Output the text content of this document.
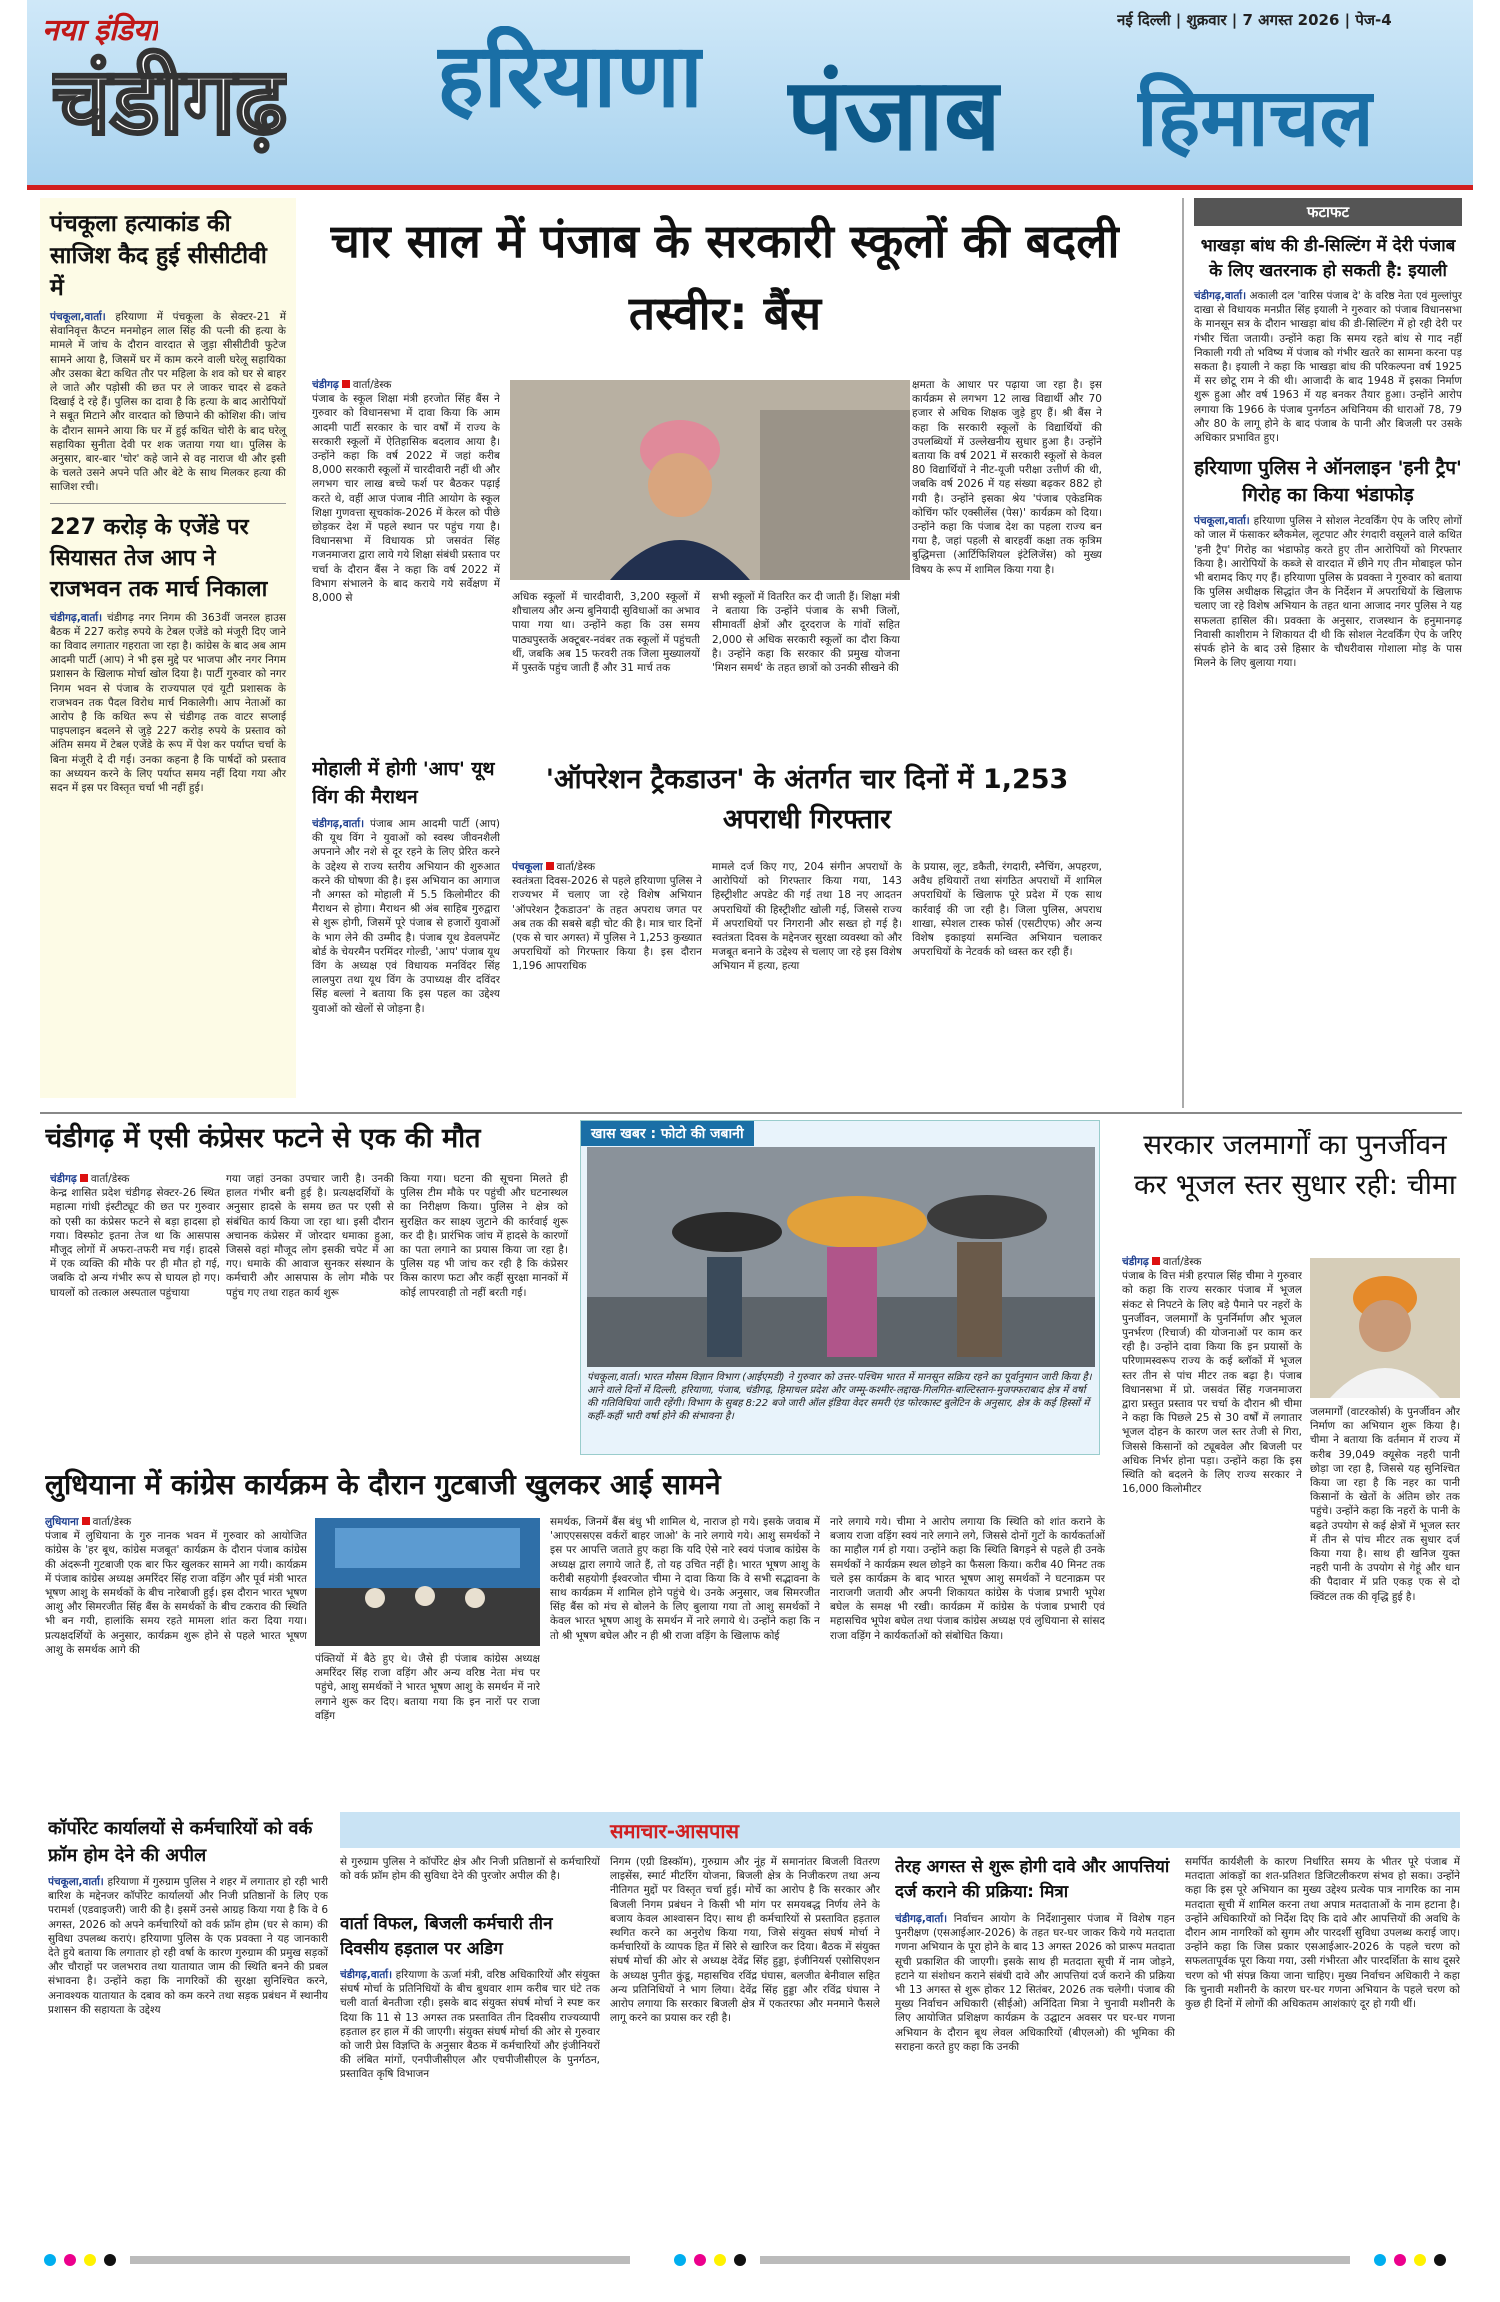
नया इंडिया
चंडीगढ़
नई दिल्ली | शुक्रवार | 7 अगस्त 2026 | पेज-4
हरियाणा पंजाब हिमाचल
पंचकूला हत्याकांड की साजिश कैद हुई सीसीटीवी में
पंचकूला,वार्ता। हरियाणा में पंचकूला के सेक्टर-21 में सेवानिवृत्त कैप्टन मनमोहन लाल सिंह की पत्नी की हत्या के मामले में जांच के दौरान वारदात से जुड़ा सीसीटीवी फुटेज सामने आया है, जिसमें घर में काम करने वाली घरेलू सहायिका और उसका बेटा कथित तौर पर महिला के शव को घर से बाहर ले जाते और पड़ोसी की छत पर ले जाकर चादर से ढकते दिखाई दे रहे हैं। पुलिस का दावा है कि हत्या के बाद आरोपियों ने सबूत मिटाने और वारदात को छिपाने की कोशिश की। जांच के दौरान सामने आया कि घर में हुई कथित चोरी के बाद घरेलू सहायिका सुनीता देवी पर शक जताया गया था। पुलिस के अनुसार, बार-बार 'चोर' कहे जाने से वह नाराज थी और इसी के चलते उसने अपने पति और बेटे के साथ मिलकर हत्या की साजिश रची।
227 करोड़ के एजेंडे पर सियासत तेज आप ने राजभवन तक मार्च निकाला
चंडीगढ़,वार्ता। चंडीगढ़ नगर निगम की 363वीं जनरल हाउस बैठक में 227 करोड़ रुपये के टेबल एजेंडे को मंजूरी दिए जाने का विवाद लगातार गहराता जा रहा है। कांग्रेस के बाद अब आम आदमी पार्टी (आप) ने भी इस मुद्दे पर भाजपा और नगर निगम प्रशासन के खिलाफ मोर्चा खोल दिया है। पार्टी गुरुवार को नगर निगम भवन से पंजाब के राज्यपाल एवं यूटी प्रशासक के राजभवन तक पैदल विरोध मार्च निकालेगी। आप नेताओं का आरोप है कि कथित रूप से चंडीगढ़ तक वाटर सप्लाई पाइपलाइन बदलने से जुड़े 227 करोड़ रुपये के प्रस्ताव को अंतिम समय में टेबल एजेंडे के रूप में पेश कर पर्याप्त चर्चा के बिना मंजूरी दे दी गई। उनका कहना है कि पार्षदों को प्रस्ताव का अध्ययन करने के लिए पर्याप्त समय नहीं दिया गया और सदन में इस पर विस्तृत चर्चा भी नहीं हुई।
चार साल में पंजाब के सरकारी स्कूलों की बदली तस्वीर: बैंस
चंडीगढ़ वार्ता/डेस्क
पंजाब के स्कूल शिक्षा मंत्री हरजोत सिंह बैंस ने गुरुवार को विधानसभा में दावा किया कि आम आदमी पार्टी सरकार के चार वर्षों में राज्य के सरकारी स्कूलों में ऐतिहासिक बदलाव आया है। उन्होंने कहा कि वर्ष 2022 में जहां करीब 8,000 सरकारी स्कूलों में चारदीवारी नहीं थी और लगभग चार लाख बच्चे फर्श पर बैठकर पढ़ाई करते थे, वहीं आज पंजाब नीति आयोग के स्कूल शिक्षा गुणवत्ता सूचकांक-2026 में केरल को पीछे छोड़कर देश में पहले स्थान पर पहुंच गया है। विधानसभा में विधायक प्रो जसवंत सिंह गजनमाजरा द्वारा लाये गये शिक्षा संबंधी प्रस्ताव पर चर्चा के दौरान बैंस ने कहा कि वर्ष 2022 में विभाग संभालने के बाद कराये गये सर्वेक्षण में 8,000 से	अधिक स्कूलों में चारदीवारी, 3,200 स्कूलों में शौचालय और अन्य बुनियादी सुविधाओं का अभाव पाया गया था। उन्होंने कहा कि उस समय पाठ्यपुस्तकें अक्टूबर-नवंबर तक स्कूलों में पहुंचती थीं, जबकि अब 15 फरवरी तक जिला मुख्यालयों में पुस्तकें पहुंच जाती हैं और 31 मार्च तक
सभी स्कूलों में वितरित कर दी जाती हैं। शिक्षा मंत्री ने बताया कि उन्होंने पंजाब के सभी जिलों, सीमावर्ती क्षेत्रों और दूरदराज के गांवों सहित 2,000 से अधिक सरकारी स्कूलों का दौरा किया है। उन्होंने कहा कि सरकार की प्रमुख योजना 'मिशन समर्थ' के तहत छात्रों को उनकी सीखने की
क्षमता के आधार पर पढ़ाया जा रहा है। इस कार्यक्रम से लगभग 12 लाख विद्यार्थी और 70 हजार से अधिक शिक्षक जुड़े हुए हैं। श्री बैंस ने कहा कि सरकारी स्कूलों के विद्यार्थियों की उपलब्धियों में उल्लेखनीय सुधार हुआ है। उन्होंने बताया कि वर्ष 2021 में सरकारी स्कूलों से केवल 80 विद्यार्थियों ने नीट-यूजी परीक्षा उत्तीर्ण की थी, जबकि वर्ष 2026 में यह संख्या बढ़कर 882 हो गयी है। उन्होंने इसका श्रेय 'पंजाब एकेडमिक कोचिंग फॉर एक्सीलेंस (पेस)' कार्यक्रम को दिया। उन्होंने कहा कि पंजाब देश का पहला राज्य बन गया है, जहां पहली से बारहवीं कक्षा तक कृत्रिम बुद्धिमत्ता (आर्टिफिशियल इंटेलिजेंस) को मुख्य विषय के रूप में शामिल किया गया है।
मोहाली में होगी 'आप' यूथ विंग की मैराथन
चंडीगढ़,वार्ता। पंजाब आम आदमी पार्टी (आप) की यूथ विंग ने युवाओं को स्वस्थ जीवनशैली अपनाने और नशे से दूर रहने के लिए प्रेरित करने के उद्देश्य से राज्य स्तरीय अभियान की शुरुआत करने की घोषणा की है। इस अभियान का आगाज नौ अगस्त को मोहाली में 5.5 किलोमीटर की मैराथन से होगा। मैराथन श्री अंब साहिब गुरुद्वारा से शुरू होगी, जिसमें पूरे पंजाब से हजारों युवाओं के भाग लेने की उम्मीद है। पंजाब यूथ डेवलपमेंट बोर्ड के चेयरमैन परमिंदर गोल्डी, 'आप' पंजाब यूथ विंग के अध्यक्ष एवं विधायक मनविंदर सिंह लालपुरा तथा यूथ विंग के उपाध्यक्ष वीर दविंदर सिंह बल्लां ने बताया कि इस पहल का उद्देश्य युवाओं को खेलों से जोड़ना है।
'ऑपरेशन ट्रैकडाउन' के अंतर्गत चार दिनों में 1,253 अपराधी गिरफ्तार
पंचकूला वार्ता/डेस्क
स्वतंत्रता दिवस-2026 से पहले हरियाणा पुलिस ने राज्यभर में चलाए जा रहे विशेष अभियान 'ऑपरेशन ट्रैकडाउन' के तहत अपराध जगत पर अब तक की सबसे बड़ी चोट की है। मात्र चार दिनों (एक से चार अगस्त) में पुलिस ने 1,253 कुख्यात अपराधियों को गिरफ्तार किया है। इस दौरान 1,196 आपराधिक
मामले दर्ज किए गए, 204 संगीन अपराधों के आरोपियों को गिरफ्तार किया गया, 143 हिस्ट्रीशीट अपडेट की गई तथा 18 नए आदतन अपराधियों की हिस्ट्रीशीट खोली गई, जिससे राज्य में अपराधियों पर निगरानी और सख्त हो गई है। स्वतंत्रता दिवस के मद्देनजर सुरक्षा व्यवस्था को और मजबूत बनाने के उद्देश्य से चलाए जा रहे इस विशेष अभियान में हत्या, हत्या
के प्रयास, लूट, डकैती, रंगदारी, स्नैचिंग, अपहरण, अवैध हथियारों तथा संगठित अपराधों में शामिल अपराधियों के खिलाफ पूरे प्रदेश में एक साथ कार्रवाई की जा रही है। जिला पुलिस, अपराध शाखा, स्पेशल टास्क फोर्स (एसटीएफ) और अन्य विशेष इकाइयां समन्वित अभियान चलाकर अपराधियों के नेटवर्क को ध्वस्त कर रही हैं।
फटाफट
भाखड़ा बांध की डी-सिल्टिंग में देरी पंजाब के लिए खतरनाक हो सकती है: इयाली
चंडीगढ़,वार्ता। अकाली दल 'वारिस पंजाब दे' के वरिष्ठ नेता एवं मुल्लांपुर दाखा से विधायक मनप्रीत सिंह इयाली ने गुरुवार को पंजाब विधानसभा के मानसून सत्र के दौरान भाखड़ा बांध की डी-सिल्टिंग में हो रही देरी पर गंभीर चिंता जतायी। उन्होंने कहा कि समय रहते बांध से गाद नहीं निकाली गयी तो भविष्य में पंजाब को गंभीर खतरे का सामना करना पड़ सकता है। इयाली ने कहा कि भाखड़ा बांध की परिकल्पना वर्ष 1925 में सर छोटू राम ने की थी। आजादी के बाद 1948 में इसका निर्माण शुरू हुआ और वर्ष 1963 में यह बनकर तैयार हुआ। उन्होंने आरोप लगाया कि 1966 के पंजाब पुनर्गठन अधिनियम की धाराओं 78, 79 और 80 के लागू होने के बाद पंजाब के पानी और बिजली पर उसके अधिकार प्रभावित हुए।
हरियाणा पुलिस ने ऑनलाइन 'हनी ट्रैप' गिरोह का किया भंडाफोड़
पंचकूला,वार्ता। हरियाणा पुलिस ने सोशल नेटवर्किंग ऐप के जरिए लोगों को जाल में फंसाकर ब्लैकमेल, लूटपाट और रंगदारी वसूलने वाले कथित 'हनी ट्रैप' गिरोह का भंडाफोड़ करते हुए तीन आरोपियों को गिरफ्तार किया है। आरोपियों के कब्जे से वारदात में छीने गए तीन मोबाइल फोन भी बरामद किए गए हैं। हरियाणा पुलिस के प्रवक्ता ने गुरुवार को बताया कि पुलिस अधीक्षक सिद्धांत जैन के निर्देशन में अपराधियों के खिलाफ चलाए जा रहे विशेष अभियान के तहत थाना आजाद नगर पुलिस ने यह सफलता हासिल की। प्रवक्ता के अनुसार, राजस्थान के हनुमानगढ़ निवासी काशीराम ने शिकायत दी थी कि सोशल नेटवर्किंग ऐप के जरिए संपर्क होने के बाद उसे हिसार के चौधरीवास गोशाला मोड़ के पास मिलने के लिए बुलाया गया।
चंडीगढ़ में एसी कंप्रेसर फटने से एक की मौत
चंडीगढ़ वार्ता/डेस्क
केन्द्र शासित प्रदेश चंडीगढ़ सेक्टर-26 स्थित महात्मा गांधी इंस्टीट्यूट की छत पर गुरुवार को एसी का कंप्रेसर फटने से बड़ा हादसा हो गया। विस्फोट इतना तेज था कि आसपास मौजूद लोगों में अफरा-तफरी मच गई। हादसे में एक व्यक्ति की मौके पर ही मौत हो गई, जबकि दो अन्य गंभीर रूप से घायल हो गए। घायलों को तत्काल अस्पताल पहुंचाया
गया जहां उनका उपचार जारी है। उनकी हालत गंभीर बनी हुई है। प्रत्यक्षदर्शियों के अनुसार हादसे के समय छत पर एसी से संबंधित कार्य किया जा रहा था। इसी दौरान अचानक कंप्रेसर में जोरदार धमाका हुआ, जिससे वहां मौजूद लोग इसकी चपेट में आ गए। धमाके की आवाज सुनकर संस्थान के कर्मचारी और आसपास के लोग मौके पर पहुंच गए तथा राहत कार्य शुरू
किया गया। घटना की सूचना मिलते ही पुलिस टीम मौके पर पहुंची और घटनास्थल का निरीक्षण किया। पुलिस ने क्षेत्र को सुरक्षित कर साक्ष्य जुटाने की कार्रवाई शुरू कर दी है। प्रारंभिक जांच में हादसे के कारणों का पता लगाने का प्रयास किया जा रहा है। पुलिस यह भी जांच कर रही है कि कंप्रेसर किस कारण फटा और कहीं सुरक्षा मानकों में कोई लापरवाही तो नहीं बरती गई।
खास खबर : फोटो की जबानी
पंचकूला,वार्ता। भारत मौसम विज्ञान विभाग (आईएमडी) ने गुरुवार को उत्तर-पश्चिम भारत में मानसून सक्रिय रहने का पूर्वानुमान जारी किया है। आने वाले दिनों में दिल्ली, हरियाणा, पंजाब, चंडीगढ़, हिमाचल प्रदेश और जम्मू-कश्मीर-लद्दाख-गिलगित-बाल्टिस्तान-मुजफ्फराबाद क्षेत्र में वर्षा की गतिविधियां जारी रहेंगी। विभाग के सुबह 8:22 बजे जारी ऑल इंडिया वेदर समरी एंड फोरकास्ट बुलेटिन के अनुसार, क्षेत्र के कई हिस्सों में कहीं-कहीं भारी वर्षा होने की संभावना है।
सरकार जलमार्गों का पुनर्जीवन कर भूजल स्तर सुधार रही: चीमा
चंडीगढ़ वार्ता/डेस्क
पंजाब के वित्त मंत्री हरपाल सिंह चीमा ने गुरुवार को कहा कि राज्य सरकार पंजाब में भूजल संकट से निपटने के लिए बड़े पैमाने पर नहरों के पुनर्जीवन, जलमार्गों के पुनर्निर्माण और भूजल पुनर्भरण (रिचार्ज) की योजनाओं पर काम कर रही है। उन्होंने दावा किया कि इन प्रयासों के परिणामस्वरूप राज्य के कई ब्लॉकों में भूजल स्तर तीन से पांच मीटर तक बढ़ा है। पंजाब विधानसभा में प्रो. जसवंत सिंह गजनमाजरा द्वारा प्रस्तुत प्रस्ताव पर चर्चा के दौरान श्री चीमा ने कहा कि पिछले 25 से 30 वर्षों में लगातार भूजल दोहन के कारण जल स्तर तेजी से गिरा, जिससे किसानों को ट्यूबवेल और बिजली पर अधिक निर्भर होना पड़ा। उन्होंने कहा कि इस स्थिति को बदलने के लिए राज्य सरकार ने 16,000 किलोमीटर
जलमार्गों (वाटरकोर्स) के पुनर्जीवन और निर्माण का अभियान शुरू किया है। चीमा ने बताया कि वर्तमान में राज्य में करीब 39,049 क्यूसेक नहरी पानी छोड़ा जा रहा है, जिससे यह सुनिश्चित किया जा रहा है कि नहर का पानी किसानों के खेतों के अंतिम छोर तक पहुंचे। उन्होंने कहा कि नहरों के पानी के बढ़ते उपयोग से कई क्षेत्रों में भूजल स्तर में तीन से पांच मीटर तक सुधार दर्ज किया गया है। साथ ही खनिज युक्त नहरी पानी के उपयोग से गेहूं और धान की पैदावार में प्रति एकड़ एक से दो क्विंटल तक की वृद्धि हुई है।
लुधियाना में कांग्रेस कार्यक्रम के दौरान गुटबाजी खुलकर आई सामने
लुधियाना वार्ता/डेस्क
पंजाब में लुधियाना के गुरु नानक भवन में गुरुवार को आयोजित कांग्रेस के 'हर बूथ, कांग्रेस मजबूत' कार्यक्रम के दौरान पंजाब कांग्रेस की अंदरूनी गुटबाजी एक बार फिर खुलकर सामने आ गयी। कार्यक्रम में पंजाब कांग्रेस अध्यक्ष अमरिंदर सिंह राजा वड़िंग और पूर्व मंत्री भारत भूषण आशु के समर्थकों के बीच नारेबाजी हुई। इस दौरान भारत भूषण आशु और सिमरजीत सिंह बैंस के समर्थकों के बीच टकराव की स्थिति भी बन गयी, हालांकि समय रहते मामला शांत करा दिया गया। प्रत्यक्षदर्शियों के अनुसार, कार्यक्रम शुरू होने से पहले भारत भूषण आशु के समर्थक आगे की
पंक्तियों में बैठे हुए थे। जैसे ही पंजाब कांग्रेस अध्यक्ष अमरिंदर सिंह राजा वड़िंग और अन्य वरिष्ठ नेता मंच पर पहुंचे, आशु समर्थकों ने भारत भूषण आशु के समर्थन में नारे लगाने शुरू कर दिए। बताया गया कि इन नारों पर राजा वड़िंग
समर्थक, जिनमें बैंस बंधु भी शामिल थे, नाराज हो गये। इसके जवाब में 'आएएससएस वर्करों बाहर जाओ' के नारे लगाये गये। आशु समर्थकों ने इस पर आपत्ति जताते हुए कहा कि यदि ऐसे नारे स्वयं पंजाब कांग्रेस के अध्यक्ष द्वारा लगाये जाते हैं, तो यह उचित नहीं है। भारत भूषण आशु के करीबी सहयोगी ईश्वरजोत चीमा ने दावा किया कि वे सभी सद्भावना के साथ कार्यक्रम में शामिल होने पहुंचे थे। उनके अनुसार, जब सिमरजीत सिंह बैंस को मंच से बोलने के लिए बुलाया गया तो आशु समर्थकों ने केवल भारत भूषण आशु के समर्थन में नारे लगाये थे। उन्होंने कहा कि न तो श्री भूषण बघेल और न ही श्री राजा वड़िंग के खिलाफ कोई
नारे लगाये गये। चीमा ने आरोप लगाया कि स्थिति को शांत कराने के बजाय राजा वड़िंग स्वयं नारे लगाने लगे, जिससे दोनों गुटों के कार्यकर्ताओं का माहौल गर्म हो गया। उन्होंने कहा कि स्थिति बिगड़ने से पहले ही उनके समर्थकों ने कार्यक्रम स्थल छोड़ने का फैसला किया। करीब 40 मिनट तक चले इस कार्यक्रम के बाद भारत भूषण आशु समर्थकों ने घटनाक्रम पर नाराजगी जतायी और अपनी शिकायत कांग्रेस के पंजाब प्रभारी भूपेश बघेल के समक्ष भी रखी। कार्यक्रम में कांग्रेस के पंजाब प्रभारी एवं महासचिव भूपेश बघेल तथा पंजाब कांग्रेस अध्यक्ष एवं लुधियाना से सांसद राजा वड़िंग ने कार्यकर्ताओं को संबोधित किया।
समाचार-आसपास
कॉर्पोरेट कार्यालयों से कर्मचारियों को वर्क फ्रॉम होम देने की अपील
पंचकूला,वार्ता। हरियाणा में गुरुग्राम पुलिस ने शहर में लगातार हो रही भारी बारिश के मद्देनजर कॉर्पोरेट कार्यालयों और निजी प्रतिष्ठानों के लिए एक परामर्श (एडवाइजरी) जारी की है। इसमें उनसे आग्रह किया गया है कि वे 6 अगस्त, 2026 को अपने कर्मचारियों को वर्क फ्रॉम होम (घर से काम) की सुविधा उपलब्ध कराएं। हरियाणा पुलिस के एक प्रवक्ता ने यह जानकारी देते हुये बताया कि लगातार हो रही वर्षा के कारण गुरुग्राम की प्रमुख सड़कों और चौराहों पर जलभराव तथा यातायात जाम की स्थिति बनने की प्रबल संभावना है। उन्होंने कहा कि नागरिकों की सुरक्षा सुनिश्चित करने, अनावश्यक यातायात के दबाव को कम करने तथा सड़क प्रबंधन में स्थानीय प्रशासन की सहायता के उद्देश्य
से गुरुग्राम पुलिस ने कॉर्पोरेट क्षेत्र और निजी प्रतिष्ठानों से कर्मचारियों को वर्क फ्रॉम होम की सुविधा देने की पुरजोर अपील की है।
वार्ता विफल, बिजली कर्मचारी तीन दिवसीय हड़ताल पर अडिग
चंडीगढ़,वार्ता। हरियाणा के ऊर्जा मंत्री, वरिष्ठ अधिकारियों और संयुक्त संघर्ष मोर्चा के प्रतिनिधियों के बीच बुधवार शाम करीब चार घंटे तक चली वार्ता बेनतीजा रही। इसके बाद संयुक्त संघर्ष मोर्चा ने स्पष्ट कर दिया कि 11 से 13 अगस्त तक प्रस्तावित तीन दिवसीय राज्यव्यापी हड़ताल हर हाल में की जाएगी। संयुक्त संघर्ष मोर्चा की ओर से गुरुवार को जारी प्रेस विज्ञप्ति के अनुसार बैठक में कर्मचारियों और इंजीनियरों की लंबित मांगों, एनपीजीसीएल और एचपीजीसीएल के पुनर्गठन, प्रस्तावित कृषि विभाजन
निगम (एग्री डिस्कॉम), गुरुग्राम और नूंह में समानांतर बिजली वितरण लाइसेंस, स्मार्ट मीटरिंग योजना, बिजली क्षेत्र के निजीकरण तथा अन्य नीतिगत मुद्दों पर विस्तृत चर्चा हुई। मोर्चे का आरोप है कि सरकार और बिजली निगम प्रबंधन ने किसी भी मांग पर समयबद्ध निर्णय लेने के बजाय केवल आश्वासन दिए। साथ ही कर्मचारियों से प्रस्तावित हड़ताल स्थगित करने का अनुरोध किया गया, जिसे संयुक्त संघर्ष मोर्चा ने कर्मचारियों के व्यापक हित में सिरे से खारिज कर दिया। बैठक में संयुक्त संघर्ष मोर्चा की ओर से अध्यक्ष देवेंद्र सिंह हुड्डा, इंजीनियर्स एसोसिएशन के अध्यक्ष पुनीत कुंडू, महासचिव रविंद्र घंघास, बलजीत बेनीवाल सहित अन्य प्रतिनिधियों ने भाग लिया। देवेंद्र सिंह हुड्डा और रविंद्र घंघास ने आरोप लगाया कि सरकार बिजली क्षेत्र में एकतरफा और मनमाने फैसले लागू करने का प्रयास कर रही है।
तेरह अगस्त से शुरू होगी दावे और आपत्तियां दर्ज कराने की प्रक्रिया: मित्रा
चंडीगढ़,वार्ता। निर्वाचन आयोग के निर्देशानुसार पंजाब में विशेष गहन पुनरीक्षण (एसआईआर-2026) के तहत घर-घर जाकर किये गये मतदाता गणना अभियान के पूरा होने के बाद 13 अगस्त 2026 को प्रारूप मतदाता सूची प्रकाशित की जाएगी। इसके साथ ही मतदाता सूची में नाम जोड़ने, हटाने या संशोधन कराने संबंधी दावे और आपत्तियां दर्ज कराने की प्रक्रिया भी 13 अगस्त से शुरू होकर 12 सितंबर, 2026 तक चलेगी। पंजाब की मुख्य निर्वाचन अधिकारी (सीईओ) अनिंदिता मित्रा ने चुनावी मशीनरी के लिए आयोजित प्रशिक्षण कार्यक्रम के उद्घाटन अवसर पर घर-घर गणना अभियान के दौरान बूथ लेवल अधिकारियों (बीएलओ) की भूमिका की सराहना करते हुए कहा कि उनकी
समर्पित कार्यशैली के कारण निर्धारित समय के भीतर पूरे पंजाब में मतदाता आंकड़ों का शत-प्रतिशत डिजिटलीकरण संभव हो सका। उन्होंने कहा कि इस पूरे अभियान का मुख्य उद्देश्य प्रत्येक पात्र नागरिक का नाम मतदाता सूची में शामिल करना तथा अपात्र मतदाताओं के नाम हटाना है। उन्होंने अधिकारियों को निर्देश दिए कि दावे और आपत्तियों की अवधि के दौरान आम नागरिकों को सुगम और पारदर्शी सुविधा उपलब्ध कराई जाए। उन्होंने कहा कि जिस प्रकार एसआईआर-2026 के पहले चरण को सफलतापूर्वक पूरा किया गया, उसी गंभीरता और पारदर्शिता के साथ दूसरे चरण को भी संपन्न किया जाना चाहिए। मुख्य निर्वाचन अधिकारी ने कहा कि चुनावी मशीनरी के कारण घर-घर गणना अभियान के पहले चरण को कुछ ही दिनों में लोगों की अधिकतम आशंकाएं दूर हो गयी थीं।
